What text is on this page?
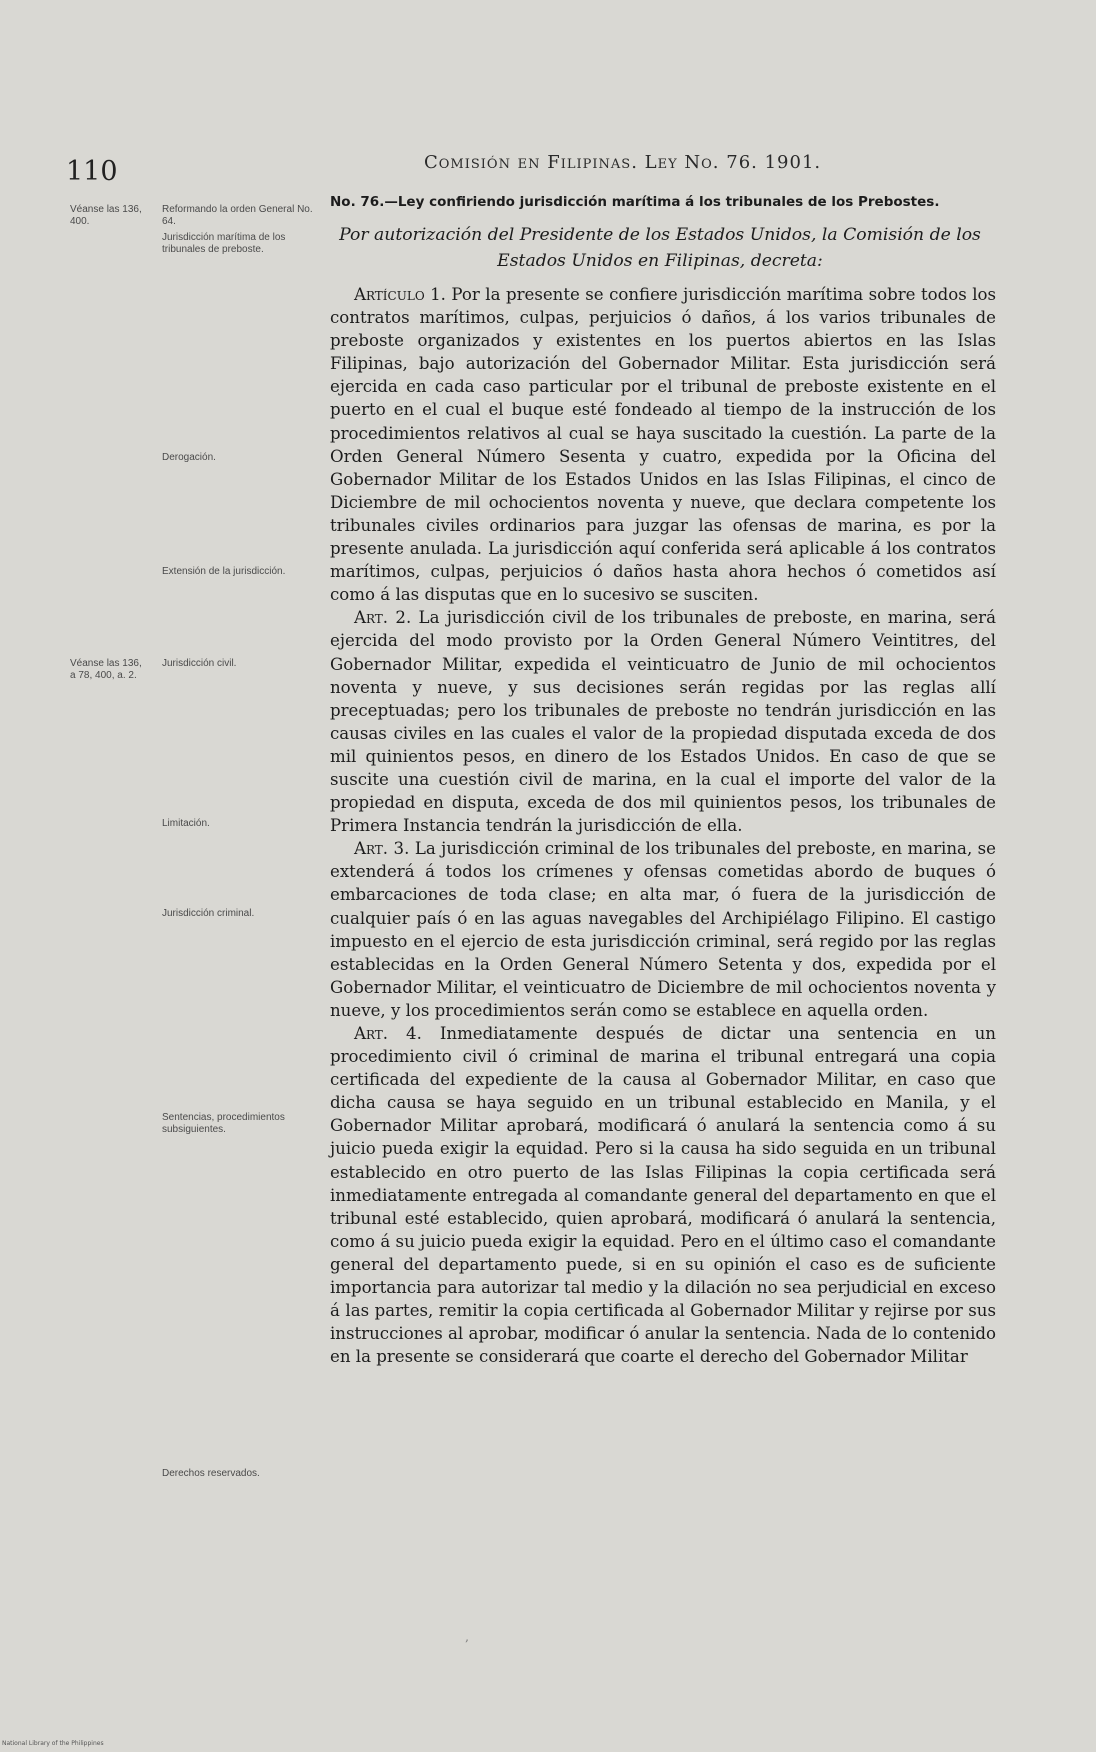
110	Comisión en Filipinas. Ley No. 76. 1901.
No. 76.—Ley confiriendo jurisdicción marítima á los tribunales de los Prebostes.
Por autorización del Presidente de los Estados Unidos, la Comisión de los Estados Unidos en Filipinas, decreta:

Artículo 1. Por la presente se confiere jurisdicción marítima sobre todos los contratos marítimos, culpas, perjuicios ó daños, á los varios tribunales de preboste organizados y existentes en los puertos abiertos en las Islas Filipinas, bajo autorización del Gobernador Militar. Esta jurisdicción será ejercida en cada caso particular por el tribunal de preboste existente en el puerto en el cual el buque esté fondeado al tiempo de la instrucción de los procedimientos relativos al cual se haya suscitado la cuestión. La parte de la Orden General Número Sesenta y cuatro, expedida por la Oficina del Gobernador Militar de los Estados Unidos en las Islas Filipinas, el cinco de Diciembre de mil ochocientos noventa y nueve, que declara competente los tribunales civiles ordinarios para juzgar las ofensas de marina, es por la presente anulada. La jurisdicción aquí conferida será aplicable á los contratos marítimos, culpas, perjuicios ó daños hasta ahora hechos ó cometidos así como á las disputas que en lo sucesivo se susciten.

Art. 2. La jurisdicción civil de los tribunales de preboste, en marina, será ejercida del modo provisto por la Orden General Número Veintitres, del Gobernador Militar, expedida el veinticuatro de Junio de mil ochocientos noventa y nueve, y sus decisiones serán regidas por las reglas allí preceptuadas; pero los tribunales de preboste no tendrán jurisdicción en las causas civiles en las cuales el valor de la propiedad disputada exceda de dos mil quinientos pesos, en dinero de los Estados Unidos. En caso de que se suscite una cuestión civil de marina, en la cual el importe del valor de la propiedad en disputa, exceda de dos mil quinientos pesos, los tribunales de Primera Instancia tendrán la jurisdicción de ella.

Art. 3. La jurisdicción criminal de los tribunales del preboste, en marina, se extenderá á todos los crímenes y ofensas cometidas abordo de buques ó embarcaciones de toda clase; en alta mar, ó fuera de la jurisdicción de cualquier país ó en las aguas navegables del Archipiélago Filipino. El castigo impuesto en el ejercio de esta jurisdicción criminal, será regido por las reglas establecidas en la Orden General Número Setenta y dos, expedida por el Gobernador Militar, el veinticuatro de Diciembre de mil ochocientos noventa y nueve, y los procedimientos serán como se establece en aquella orden.

Art. 4. Inmediatamente después de dictar una sentencia en un procedimiento civil ó criminal de marina el tribunal entregará una copia certificada del expediente de la causa al Gobernador Militar, en caso que dicha causa se haya seguido en un tribunal establecido en Manila, y el Gobernador Militar aprobará, modificará ó anulará la sentencia como á su juicio pueda exigir la equidad. Pero si la causa ha sido seguida en un tribunal establecido en otro puerto de las Islas Filipinas la copia certificada será inmediatamente entregada al comandante general del departamento en que el tribunal esté establecido, quien aprobará, modificará ó anulará la sentencia, como á su juicio pueda exigir la equidad. Pero en el último caso el comandante general del departamento puede, si en su opinión el caso es de suficiente importancia para autorizar tal medio y la dilación no sea perjudicial en exceso á las partes, remitir la copia certificada al Gobernador Militar y rejirse por sus instrucciones al aprobar, modificar ó anular la sentencia. Nada de lo contenido en la presente se considerará que coarte el derecho del Gobernador Militar

Véanse las 136, 400.
Reformando la orden General No. 64.
Jurisdicción marítima de los tribunales de preboste.
Derogación.
Extensión de la jurisdicción.
Véanse las 136, a 78, 400, a. 2.
Jurisdicción civil.
Limitación.
Jurisdicción criminal.
Sentencias, procedimientos subsiguientes.
Derechos reservados.
‚
National Library of the Philippines
